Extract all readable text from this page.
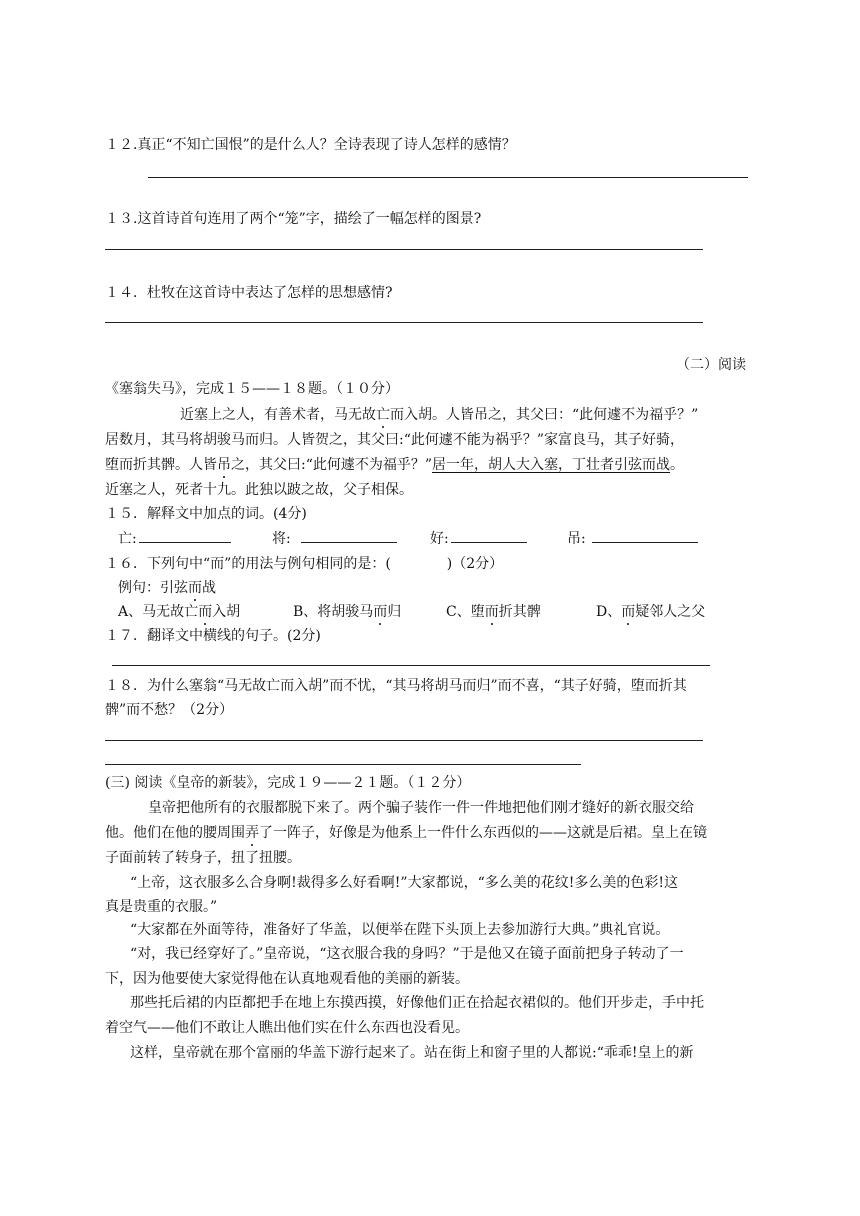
１２.真正“不知亡国恨”的是什么人？全诗表现了诗人怎样的感情？
１３.这首诗首句连用了两个“笼”字，描绘了一幅怎样的图景?
１４．杜牧在这首诗中表达了怎样的思想感情?
（二）阅读
《塞翁失马》，完成１５——１８题。（１０分）
近塞上之人，有善术者，马无故亡而入胡。人皆吊之，其父曰：“此何遽不为福乎？”
居数月，其马将胡骏马而归。人皆贺之，其父曰:“此何遽不能为祸乎？”家富良马，其子好骑，
堕而折其髀。人皆吊之，其父曰:“此何遽不为福乎？”居一年，胡人大入塞，丁壮者引弦而战。
近塞之人，死者十九。此独以跛之故，父子相保。
１５．解释文中加点的词。(4分)
亡:	将:	好:	吊:
１６．下列句中“而”的用法与例句相同的是：(	)（2分）
例句：引弦而战
A、马无故亡而入胡	B、将胡骏马而归	C、堕而折其髀	D、而疑邻人之父
１７．翻译文中横线的句子。(2分)
１８．为什么塞翁“马无故亡而入胡”而不忧，“其马将胡马而归”而不喜，“其子好骑，堕而折其
髀”而不愁？（2分）
(三) 阅读《皇帝的新装》，完成１９——２１题。（１２分）
皇帝把他所有的衣服都脱下来了。两个骗子装作一件一件地把他们刚才缝好的新衣服交给
他。他们在他的腰周围弄了一阵子，好像是为他系上一件什么东西似的——这就是后裙。皇上在镜
子面前转了转身子，扭了扭腰。
“上帝，这衣服多么合身啊!裁得多么好看啊!”大家都说，“多么美的花纹!多么美的色彩!这
真是贵重的衣服。”
“大家都在外面等待，准备好了华盖，以便举在陛下头顶上去参加游行大典。”典礼官说。
“对，我已经穿好了。”皇帝说，“这衣服合我的身吗？”于是他又在镜子面前把身子转动了一
下，因为他要使大家觉得他在认真地观看他的美丽的新装。
那些托后裙的内臣都把手在地上东摸西摸，好像他们正在拾起衣裙似的。他们开步走，手中托
着空气——他们不敢让人瞧出他们实在什么东西也没看见。
这样，皇帝就在那个富丽的华盖下游行起来了。站在街上和窗子里的人都说:“乖乖!皇上的新
